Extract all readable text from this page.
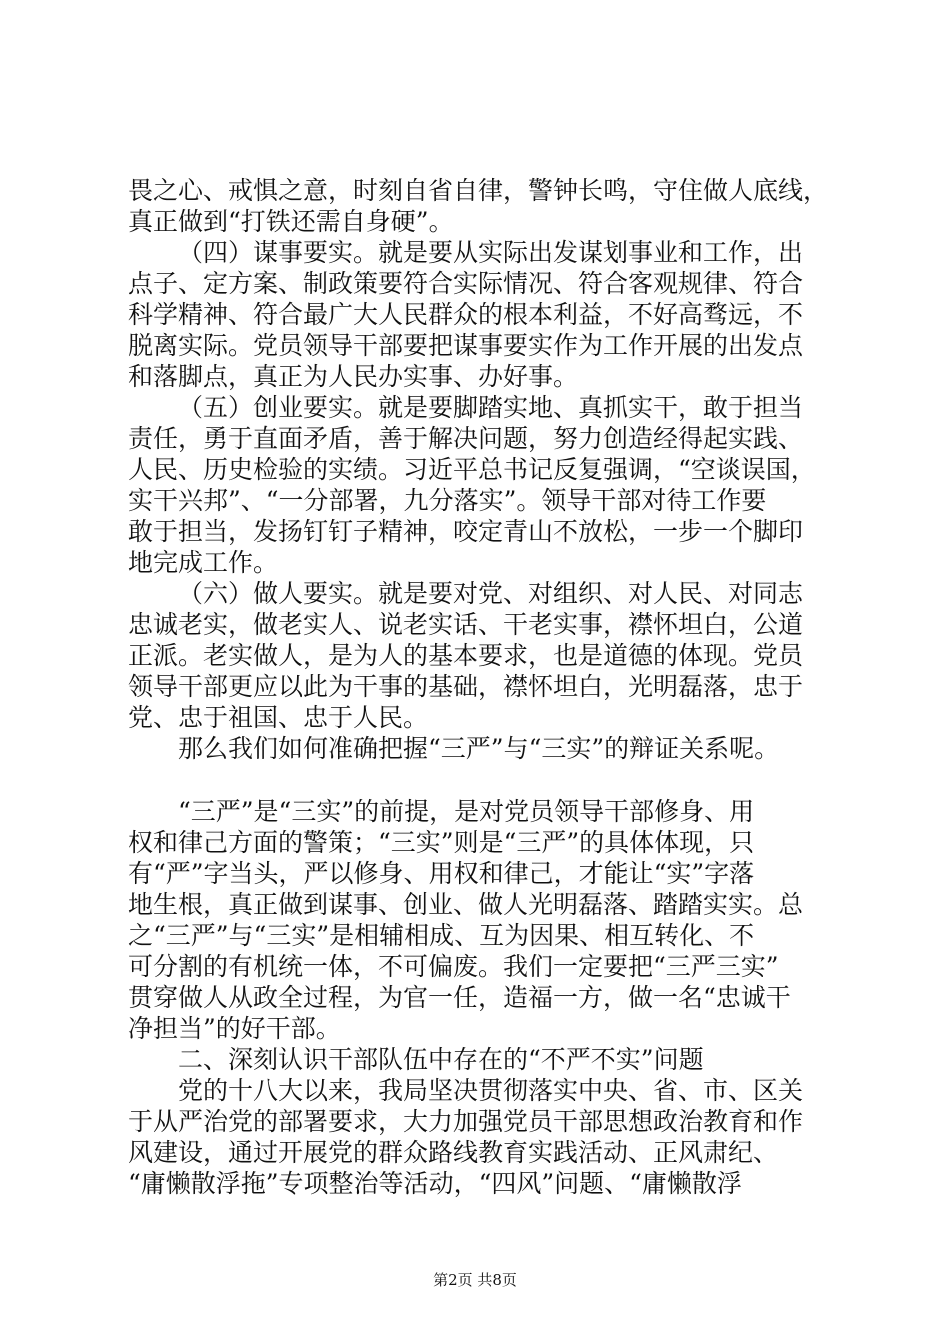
畏之心、戒惧之意，时刻自省自律，警钟长鸣，守住做人底线，
真正做到“打铁还需自身硬”。
（四）谋事要实。就是要从实际出发谋划事业和工作，出
点子、定方案、制政策要符合实际情况、符合客观规律、符合
科学精神、符合最广大人民群众的根本利益，不好高骛远，不
脱离实际。党员领导干部要把谋事要实作为工作开展的出发点
和落脚点，真正为人民办实事、办好事。
（五）创业要实。就是要脚踏实地、真抓实干，敢于担当
责任，勇于直面矛盾，善于解决问题，努力创造经得起实践、
人民、历史检验的实绩。习近平总书记反复强调，“空谈误国，
实干兴邦”、“一分部署，九分落实”。领导干部对待工作要
敢于担当，发扬钉钉子精神，咬定青山不放松，一步一个脚印
地完成工作。
（六）做人要实。就是要对党、对组织、对人民、对同志
忠诚老实，做老实人、说老实话、干老实事，襟怀坦白，公道
正派。老实做人，是为人的基本要求，也是道德的体现。党员
领导干部更应以此为干事的基础，襟怀坦白，光明磊落，忠于
党、忠于祖国、忠于人民。
那么我们如何准确把握“三严”与“三实”的辩证关系呢。
“三严”是“三实”的前提，是对党员领导干部修身、用
权和律己方面的警策；“三实”则是“三严”的具体体现，只
有“严”字当头，严以修身、用权和律己，才能让“实”字落
地生根，真正做到谋事、创业、做人光明磊落、踏踏实实。总
之“三严”与“三实”是相辅相成、互为因果、相互转化、不
可分割的有机统一体，不可偏废。我们一定要把“三严三实”
贯穿做人从政全过程，为官一任，造福一方，做一名“忠诚干
净担当”的好干部。
二、深刻认识干部队伍中存在的“不严不实”问题
党的十八大以来，我局坚决贯彻落实中央、省、市、区关
于从严治党的部署要求，大力加强党员干部思想政治教育和作
风建设，通过开展党的群众路线教育实践活动、正风肃纪、
“庸懒散浮拖”专项整治等活动，“四风”问题、“庸懒散浮
第2页 共8页
